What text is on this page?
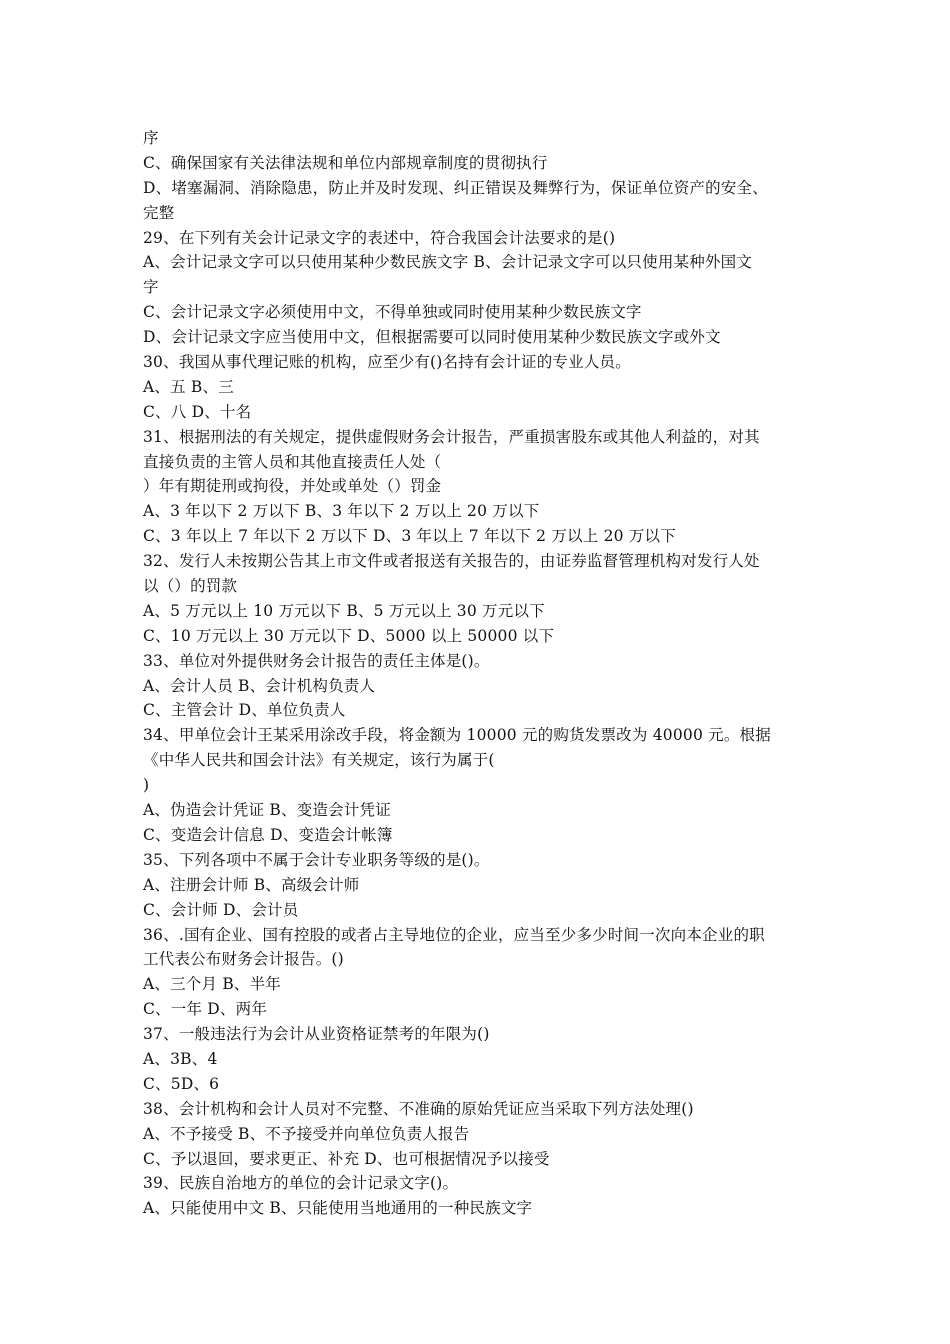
序
C、确保国家有关法律法规和单位内部规章制度的贯彻执行
D、堵塞漏洞、消除隐患，防止并及时发现、纠正错误及舞弊行为，保证单位资产的安全、
完整
29、在下列有关会计记录文字的表述中，符合我国会计法要求的是()
A、会计记录文字可以只使用某种少数民族文字 B、会计记录文字可以只使用某种外国文
字
C、会计记录文字必须使用中文，不得单独或同时使用某种少数民族文字
D、会计记录文字应当使用中文，但根据需要可以同时使用某种少数民族文字或外文
30、我国从事代理记账的机构，应至少有()名持有会计证的专业人员。
A、五 B、三
C、八 D、十名
31、根据刑法的有关规定，提供虚假财务会计报告，严重损害股东或其他人利益的，对其
直接负责的主管人员和其他直接责任人处（
）年有期徒刑或拘役，并处或单处（）罚金
A、3 年以下 2 万以下 B、3 年以下 2 万以上 20 万以下
C、3 年以上 7 年以下 2 万以下 D、3 年以上 7 年以下 2 万以上 20 万以下
32、发行人未按期公告其上市文件或者报送有关报告的，由证券监督管理机构对发行人处
以（）的罚款
A、5 万元以上 10 万元以下 B、5 万元以上 30 万元以下
C、10 万元以上 30 万元以下 D、5000 以上 50000 以下
33、单位对外提供财务会计报告的责任主体是()。
A、会计人员 B、会计机构负责人
C、主管会计 D、单位负责人
34、甲单位会计王某采用涂改手段，将金额为 10000 元的购货发票改为 40000 元。根据
《中华人民共和国会计法》有关规定，该行为属于(
)
A、伪造会计凭证 B、变造会计凭证
C、变造会计信息 D、变造会计帐簿
35、下列各项中不属于会计专业职务等级的是()。
A、注册会计师 B、高级会计师
C、会计师 D、会计员
36、.国有企业、国有控股的或者占主导地位的企业，应当至少多少时间一次向本企业的职
工代表公布财务会计报告。()
A、三个月 B、半年
C、一年 D、两年
37、一般违法行为会计从业资格证禁考的年限为()
A、3B、4
C、5D、6
38、会计机构和会计人员对不完整、不准确的原始凭证应当采取下列方法处理()
A、不予接受 B、不予接受并向单位负责人报告
C、予以退回，要求更正、补充 D、也可根据情况予以接受
39、民族自治地方的单位的会计记录文字()。
A、只能使用中文 B、只能使用当地通用的一种民族文字
